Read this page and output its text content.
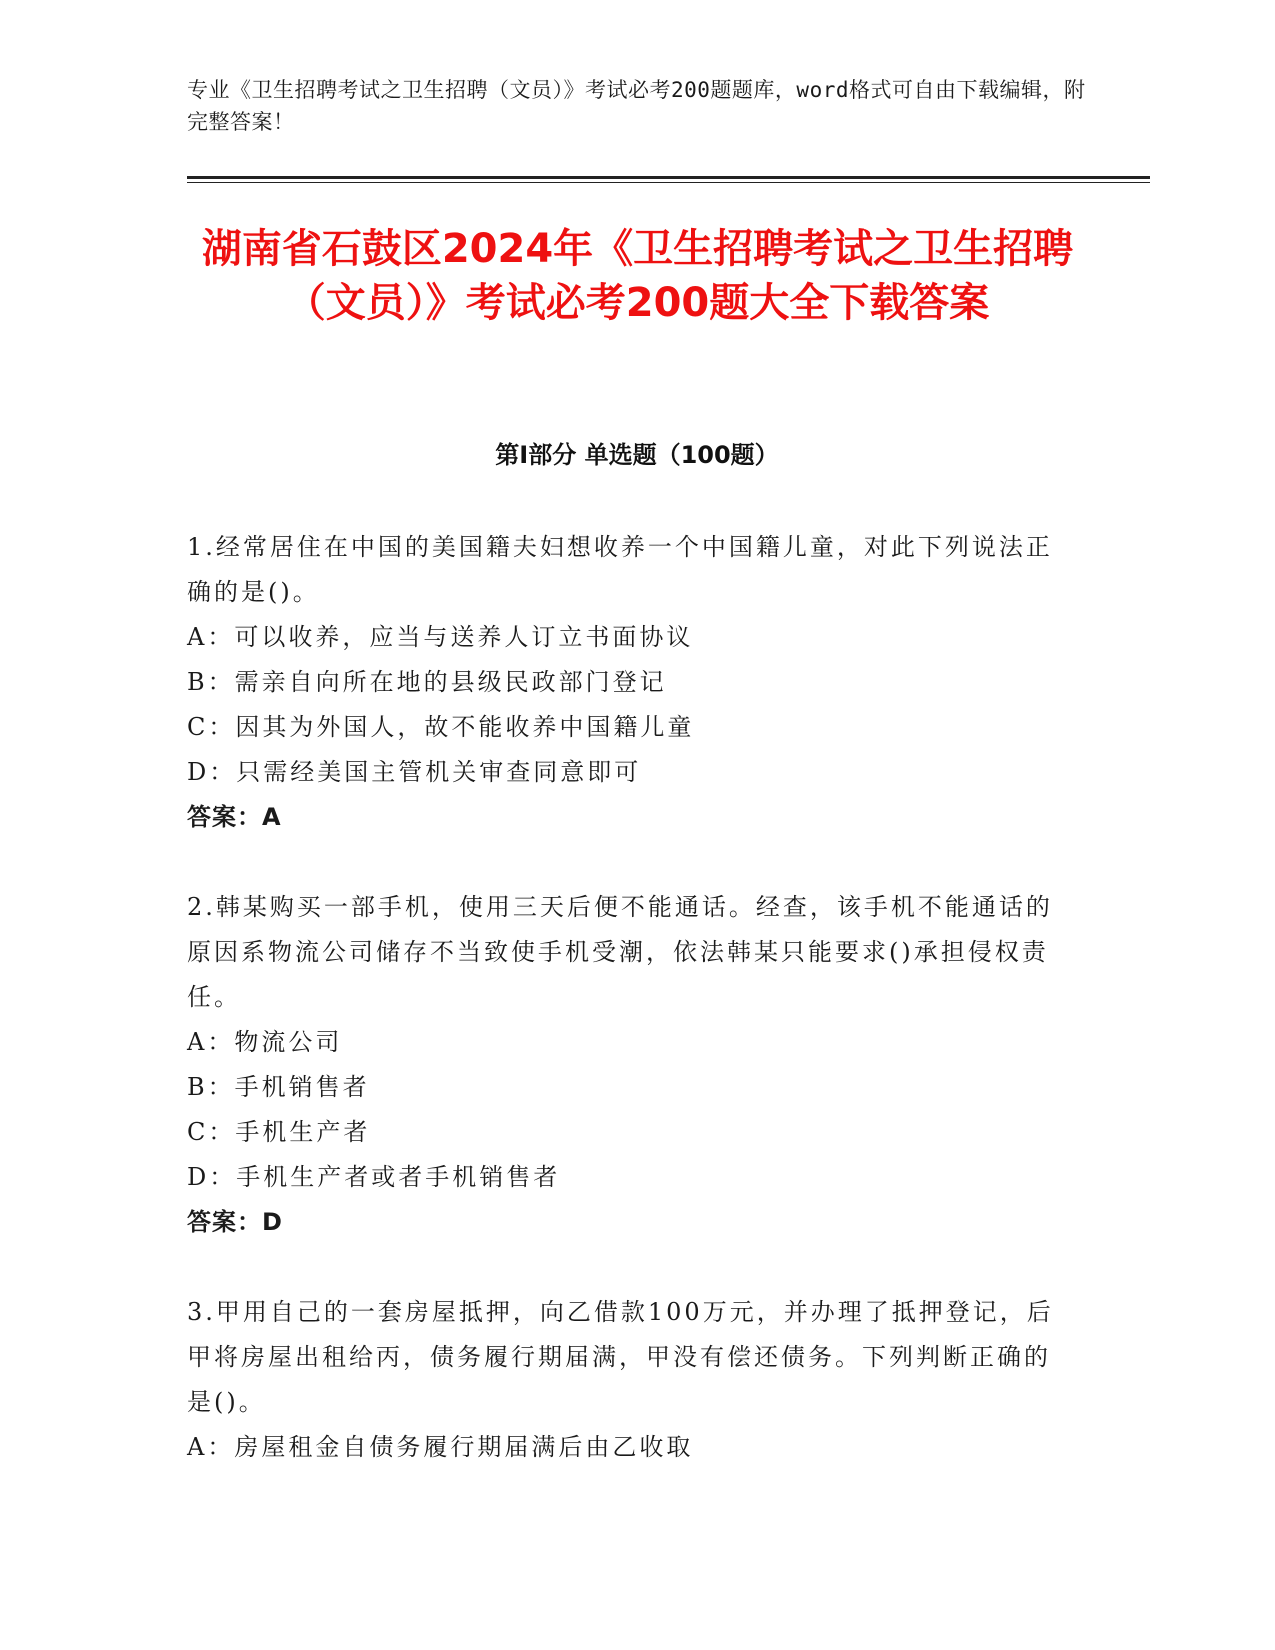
专业《卫生招聘考试之卫生招聘（文员）》考试必考200题题库，word格式可自由下载编辑，附完整答案！
湖南省石鼓区2024年《卫生招聘考试之卫生招聘（文员）》考试必考200题大全下载答案
第Ⅰ部分 单选题（100题）

1.经常居住在中国的美国籍夫妇想收养一个中国籍儿童，对此下列说法正确的是()。

A：可以收养，应当与送养人订立书面协议

B：需亲自向所在地的县级民政部门登记

C：因其为外国人，故不能收养中国籍儿童

D：只需经美国主管机关审查同意即可

答案：A

2.韩某购买一部手机，使用三天后便不能通话。经查，该手机不能通话的原因系物流公司储存不当致使手机受潮，依法韩某只能要求()承担侵权责任。

A：物流公司

B：手机销售者

C：手机生产者

D：手机生产者或者手机销售者

答案：D

3.甲用自己的一套房屋抵押，向乙借款100万元，并办理了抵押登记，后甲将房屋出租给丙，债务履行期届满，甲没有偿还债务。下列判断正确的是()。

A：房屋租金自债务履行期届满后由乙收取
